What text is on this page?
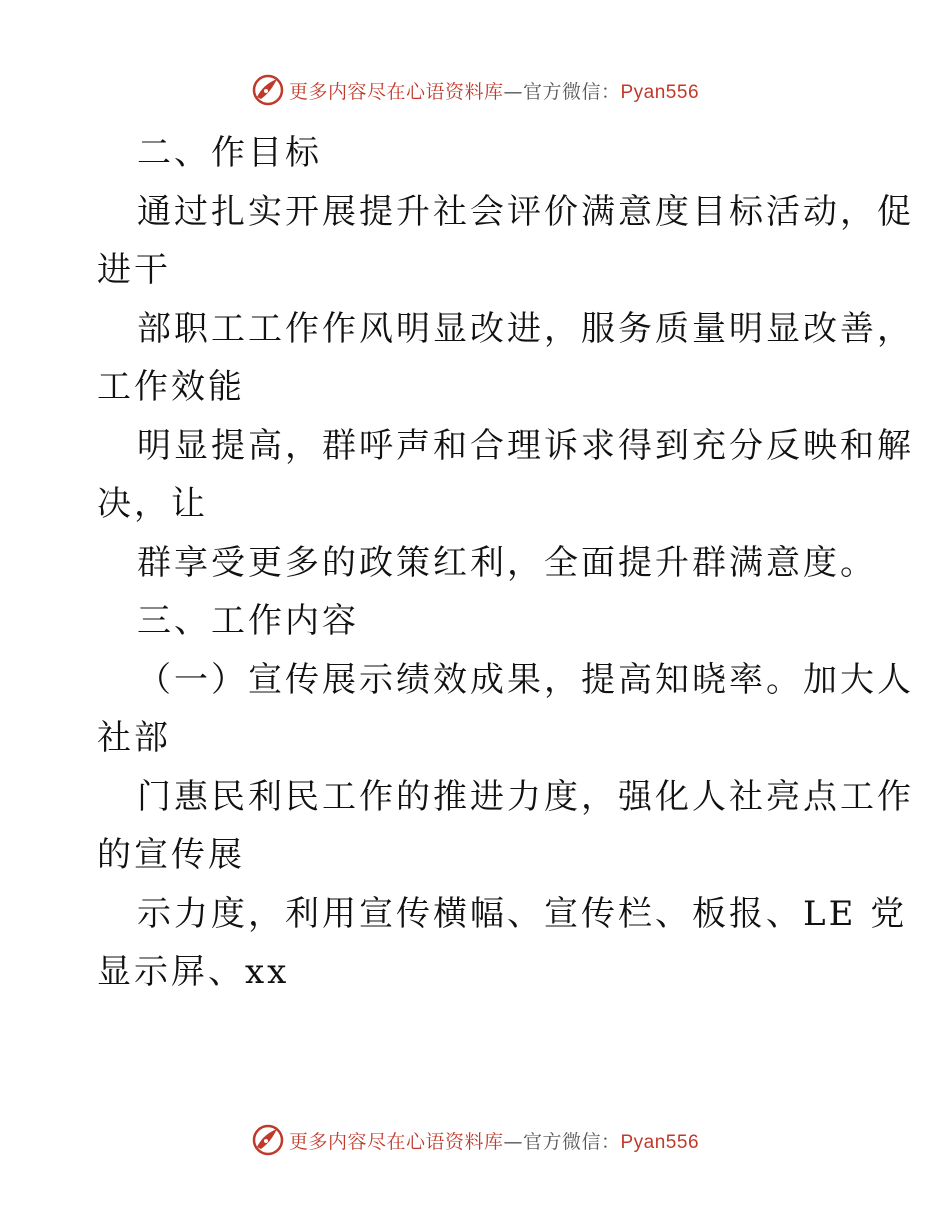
更多内容尽在心语资料库—官方微信：Pyan556
二、作目标
通过扎实开展提升社会评价满意度目标活动，促
进干
部职工工作作风明显改进，服务质量明显改善，
工作效能
明显提高，群呼声和合理诉求得到充分反映和解
决，让
群享受更多的政策红利，全面提升群满意度。
三、工作内容
（一）宣传展示绩效成果，提高知晓率。加大人
社部
门惠民利民工作的推进力度，强化人社亮点工作
的宣传展
示力度，利用宣传横幅、宣传栏、板报、LE 党
显示屏、xx
更多内容尽在心语资料库—官方微信：Pyan556
